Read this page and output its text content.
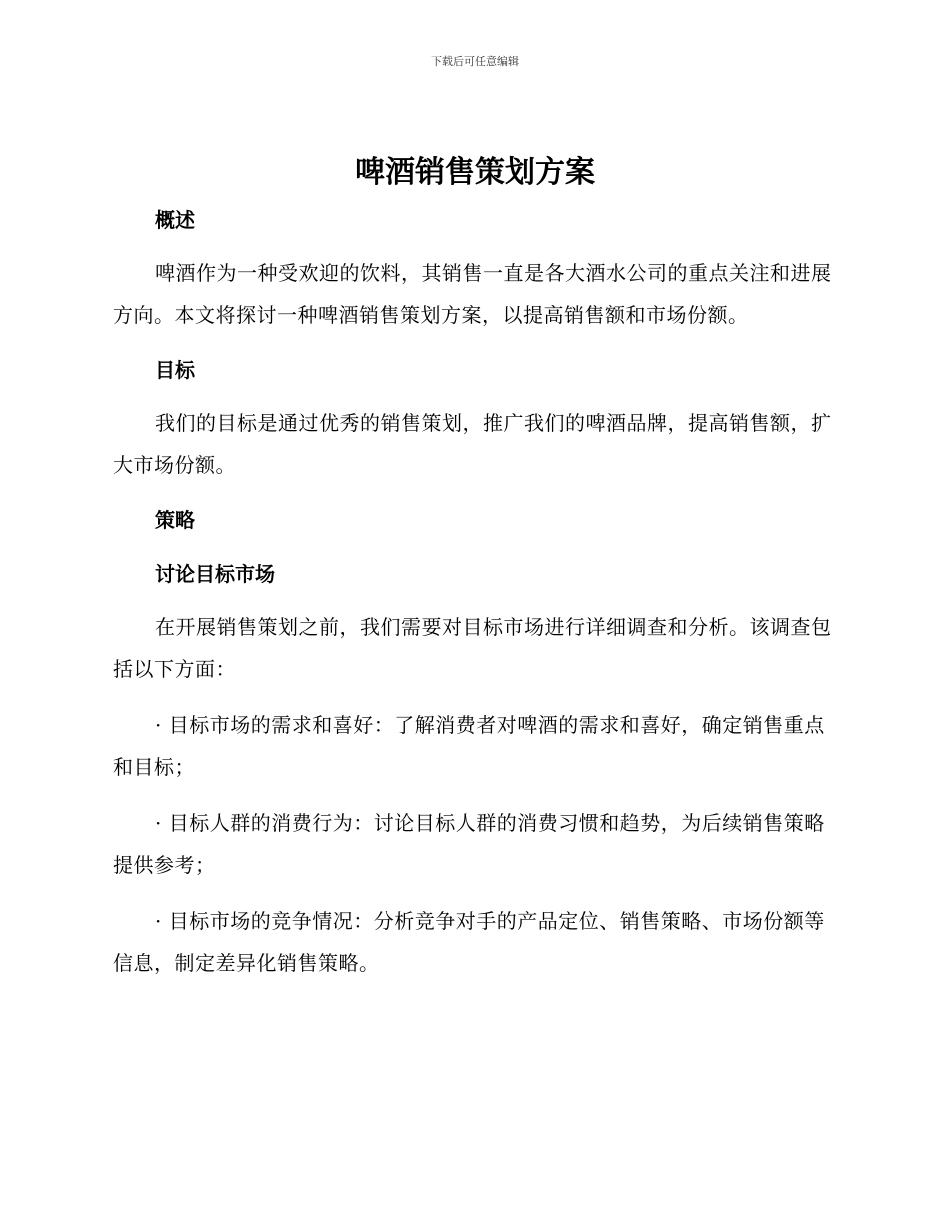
下载后可任意编辑
啤酒销售策划方案
概述

啤酒作为一种受欢迎的饮料，其销售一直是各大酒水公司的重点关注和进展方向。本文将探讨一种啤酒销售策划方案，以提高销售额和市场份额。

目标

我们的目标是通过优秀的销售策划，推广我们的啤酒品牌，提高销售额，扩大市场份额。

策略
讨论目标市场

在开展销售策划之前，我们需要对目标市场进行详细调查和分析。该调查包括以下方面：

· 目标市场的需求和喜好：了解消费者对啤酒的需求和喜好，确定销售重点和目标；

· 目标人群的消费行为：讨论目标人群的消费习惯和趋势，为后续销售策略提供参考；

· 目标市场的竞争情况：分析竞争对手的产品定位、销售策略、市场份额等信息，制定差异化销售策略。
